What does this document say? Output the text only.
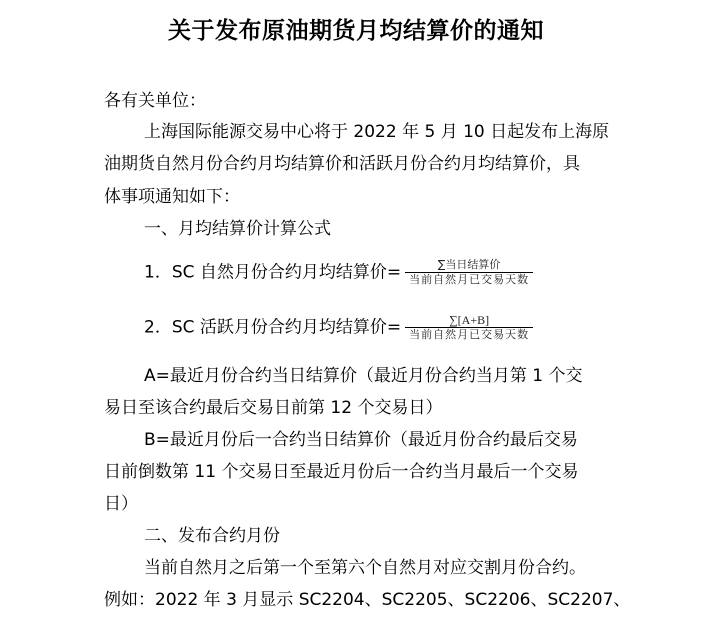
关于发布原油期货月均结算价的通知
各有关单位：
上海国际能源交易中心将于 2022 年 5 月 10 日起发布上海原
油期货自然月份合约月均结算价和活跃月份合约月均结算价，具
体事项通知如下：
一、月均结算价计算公式
1．SC 自然月份合约月均结算价= $\frac{\text{∑当日结算价}}{\text{当前自然月已交易天数}}$
2．SC 活跃月份合约月均结算价= $\frac{\sum[A+B]}{\text{当前自然月已交易天数}}$
A=最近月份合约当日结算价（最近月份合约当月第 1 个交
易日至该合约最后交易日前第 12 个交易日）
B=最近月份后一合约当日结算价（最近月份合约最后交易
日前倒数第 11 个交易日至最近月份后一合约当月最后一个交易
日）
二、发布合约月份
当前自然月之后第一个至第六个自然月对应交割月份合约。
例如：2022 年 3 月显示 SC2204、SC2205、SC2206、SC2207、
